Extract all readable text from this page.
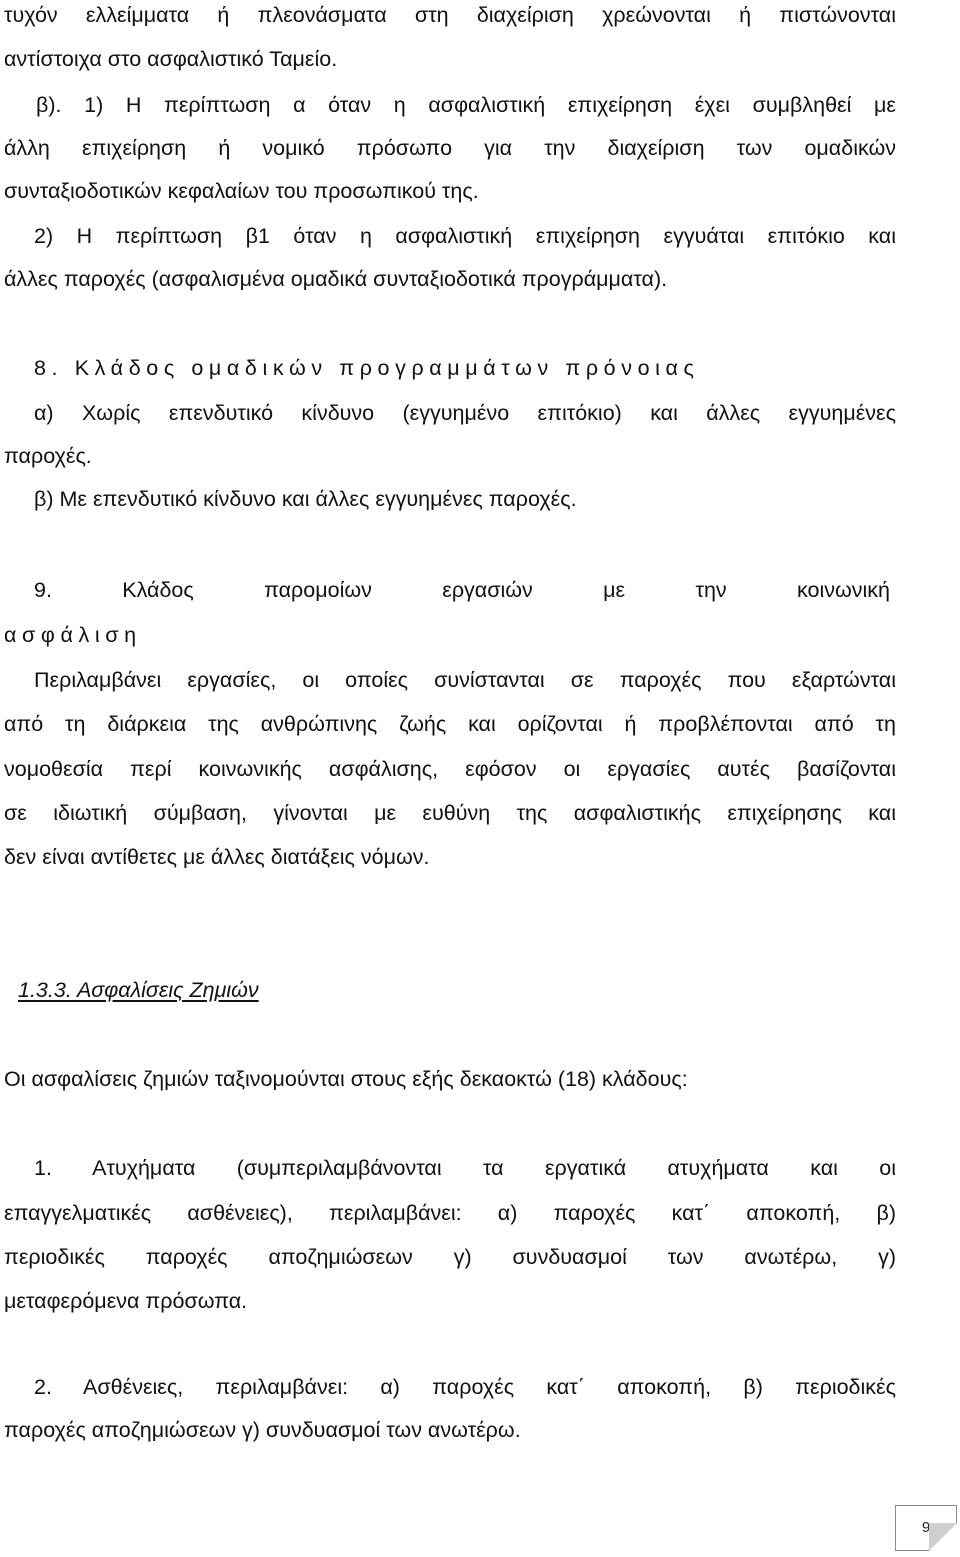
τυχόν ελλείμματα ή πλεονάσματα στη διαχείριση χρεώνονται ή πιστώνονται
αντίστοιχα στο ασφαλιστικό Ταμείο.
β). 1) Η περίπτωση α όταν η ασφαλιστική επιχείρηση έχει συμβληθεί με
άλλη επιχείρηση ή νομικό πρόσωπο για την διαχείριση των ομαδικών
συνταξιοδοτικών κεφαλαίων του προσωπικού της.
2) Η περίπτωση β1 όταν η ασφαλιστική επιχείρηση εγγυάται επιτόκιο και
άλλες παροχές (ασφαλισμένα ομαδικά συνταξιοδοτικά προγράμματα).
8. Κλάδος ομαδικών προγραμμάτων πρόνοιας
α) Χωρίς επενδυτικό κίνδυνο (εγγυημένο επιτόκιο) και άλλες εγγυημένες
παροχές.
β) Με επενδυτικό κίνδυνο και άλλες εγγυημένες παροχές.
9. Κλάδος παρομοίων εργασιών με την κοινωνική
ασφάλιση
Περιλαμβάνει εργασίες, οι οποίες συνίστανται σε παροχές που εξαρτώνται
από τη διάρκεια της ανθρώπινης ζωής και ορίζονται ή προβλέπονται από τη
νομοθεσία περί κοινωνικής ασφάλισης, εφόσον οι εργασίες αυτές βασίζονται
σε ιδιωτική σύμβαση, γίνονται με ευθύνη της ασφαλιστικής επιχείρησης και
δεν είναι αντίθετες με άλλες διατάξεις νόμων.
1.3.3. Ασφαλίσεις Ζημιών
Οι ασφαλίσεις ζημιών ταξινομούνται στους εξής δεκαοκτώ (18) κλάδους:
1. Ατυχήματα (συμπεριλαμβάνονται τα εργατικά ατυχήματα και οι
επαγγελματικές ασθένειες), περιλαμβάνει: α) παροχές κατ΄ αποκοπή, β)
περιοδικές παροχές αποζημιώσεων γ) συνδυασμοί των ανωτέρω, γ)
μεταφερόμενα πρόσωπα.
2. Ασθένειες, περιλαμβάνει: α) παροχές κατ΄ αποκοπή, β) περιοδικές
παροχές αποζημιώσεων γ) συνδυασμοί των ανωτέρω.
9
